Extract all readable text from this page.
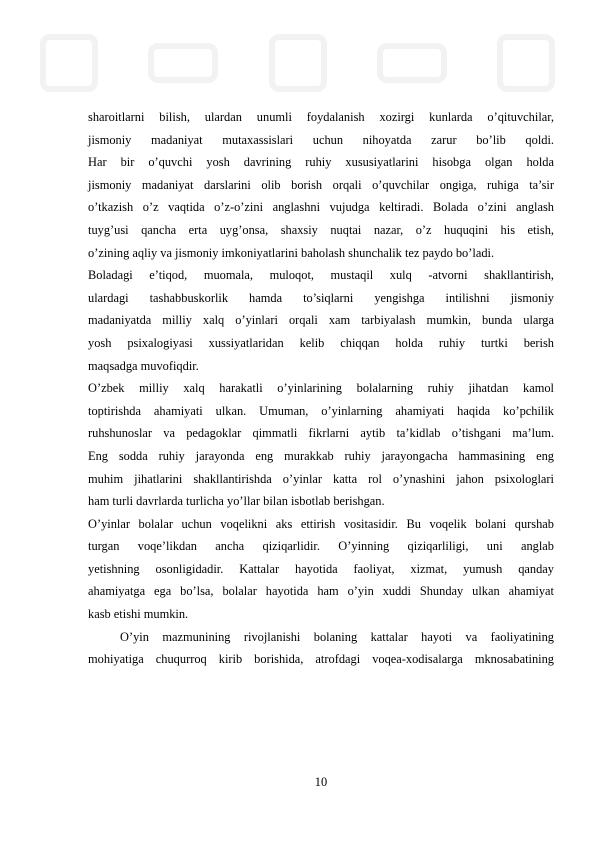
sharoitlarni bilish, ulardan unumli foydalanish xozirgi kunlarda o’qituvchilar,

jismoniy madaniyat mutaxassislari uchun nihoyatda zarur bo’lib qoldi.

Har bir o’quvchi yosh davrining ruhiy xususiyatlarini hisobga olgan holda

jismoniy madaniyat darslarini olib borish orqali o’quvchilar ongiga, ruhiga ta’sir

o’tkazish o’z vaqtida o’z-o’zini anglashni vujudga keltiradi. Bolada o’zini anglash

tuyg’usi qancha erta uyg’onsa, shaxsiy nuqtai nazar, o’z huquqini his etish,

o’zining aqliy va jismoniy imkoniyatlarini baholash shunchalik tez paydo bo’ladi.

Boladagi e’tiqod, muomala, muloqot, mustaqil xulq -atvorni shakllantirish,

ulardagi tashabbuskorlik hamda to’siqlarni yengishga intilishni jismoniy

madaniyatda milliy xalq o’yinlari orqali xam tarbiyalash mumkin, bunda ularga

yosh psixalogiyasi xussiyatlaridan kelib chiqqan holda ruhiy turtki berish

maqsadga muvofiqdir.

O’zbek milliy xalq harakatli o’yinlarining bolalarning ruhiy jihatdan kamol

toptirishda ahamiyati ulkan. Umuman, o’yinlarning ahamiyati haqida ko’pchilik

ruhshunoslar va pedagoklar qimmatli fikrlarni aytib ta’kidlab o’tishgani ma’lum.

Eng sodda ruhiy jarayonda eng murakkab ruhiy jarayongacha hammasining eng

muhim jihatlarini shakllantirishda o’yinlar katta rol o’ynashini jahon psixologlari

ham turli davrlarda turlicha yo’llar bilan isbotlab berishgan.

O’yinlar bolalar uchun voqelikni aks ettirish vositasidir. Bu voqelik bolani qurshab

turgan voqe’likdan ancha qiziqarlidir. O’yinning qiziqarliligi, uni anglab

yetishning osonligidadir. Kattalar hayotida faoliyat, xizmat, yumush qanday

ahamiyatga ega bo’lsa, bolalar hayotida ham o’yin xuddi Shunday ulkan ahamiyat

kasb etishi mumkin.

O’yin mazmunining rivojlanishi bolaning kattalar hayoti va faoliyatining

mohiyatiga chuqurroq kirib borishida, atrofdagi voqea-xodisalarga mknosabatining

10
